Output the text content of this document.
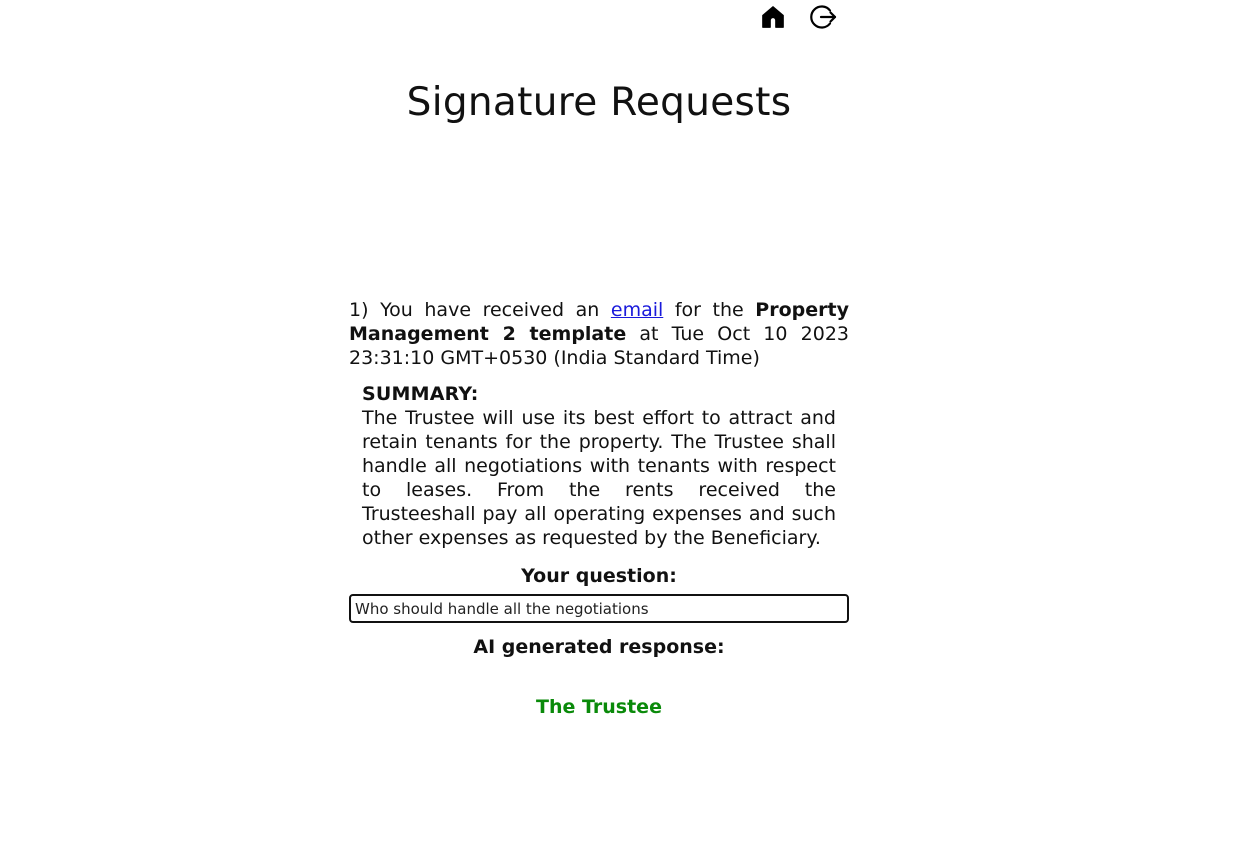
Signature Requests

1) You have received an email for the Property Management 2 template at Tue Oct 10 2023 23:31:10 GMT+0530 (India Standard Time)

SUMMARY:

The Trustee will use its best effort to attract and retain tenants for the property. The Trustee shall handle all negotiations with tenants with respect to leases. From the rents received the Trusteeshall pay all operating expenses and such other expenses as requested by the Beneficiary.

Your question:
Who should handle all the negotiations
AI generated response:
The Trustee
